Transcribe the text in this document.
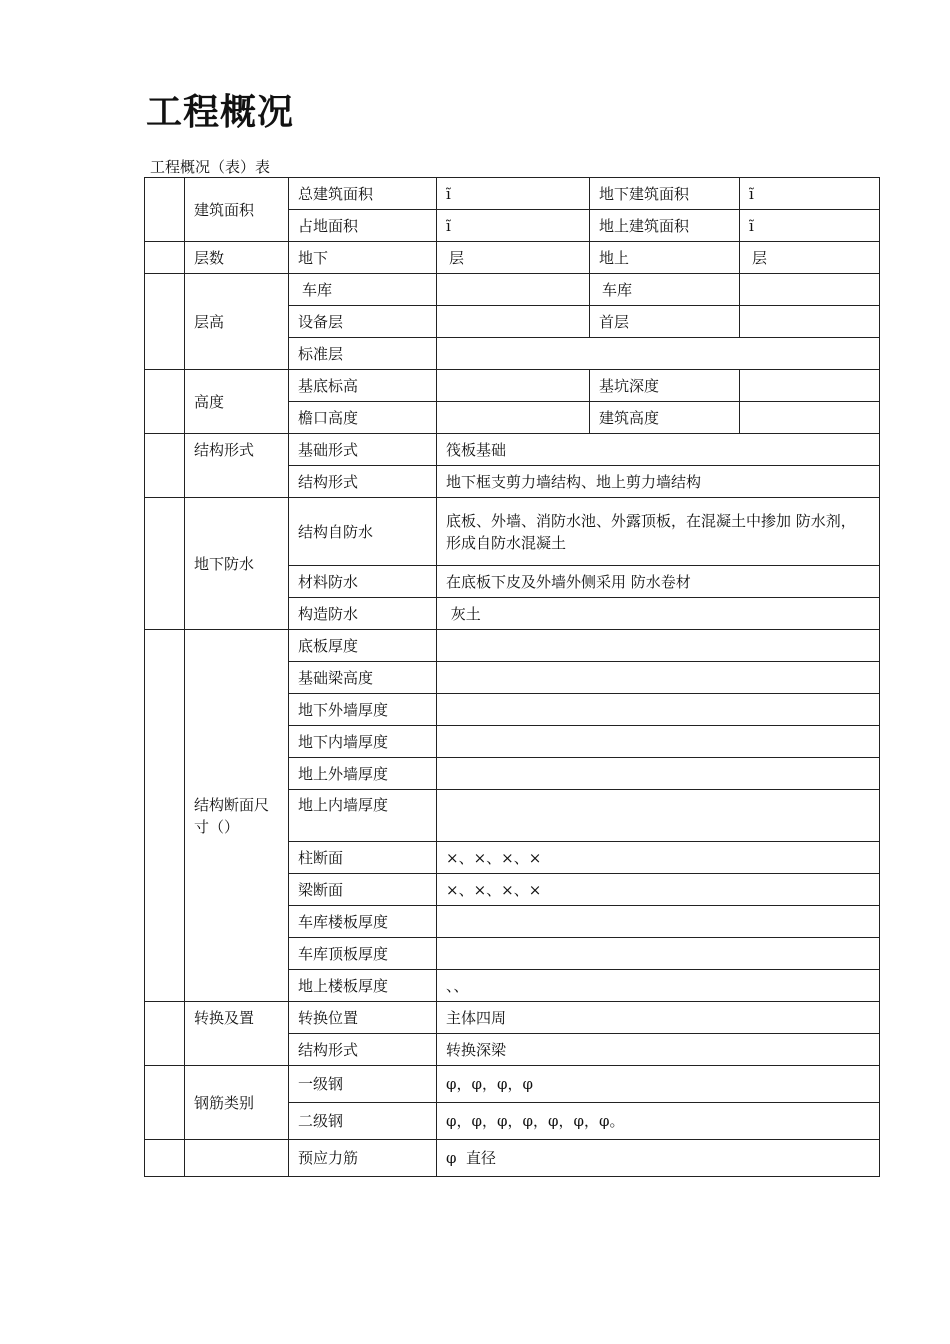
工程概况
工程概况（表）表
	建筑面积	总建筑面积	ĩ	地下建筑面积	ĩ
		占地面积	ĩ	地上建筑面积	ĩ
	层数	地下	层	地上	层
	层高	车库		车库	
		设备层		首层	
		标准层			
	高度	基底标高		基坑深度	
		檐口高度		建筑高度	
	结构形式	基础形式	筏板基础		
		结构形式	地下框支剪力墙结构、地上剪力墙结构		
	地下防水	结构自防水	底板、外墙、消防水池、外露顶板，在混凝土中掺加 防水剂，形成自防水混凝土		
		材料防水	在底板下皮及外墙外侧采用 防水卷材		
		构造防水	灰土		
	结构断面尺寸（）	底板厚度			
		基础梁高度			
		地下外墙厚度			
		地下内墙厚度			
		地上外墙厚度			
		地上内墙厚度			
		柱断面	×、×、×、×		
		梁断面	×、×、×、×		
		车库楼板厚度			
		车库顶板厚度			
		地上楼板厚度	、、		
	转换及置	转换位置	主体四周		
		结构形式	转换深梁		
	钢筋类别	一级钢	φ，φ，φ，φ		
		二级钢	φ，φ，φ，φ，φ，φ，φ。		
		预应力筋	φ  直径		
